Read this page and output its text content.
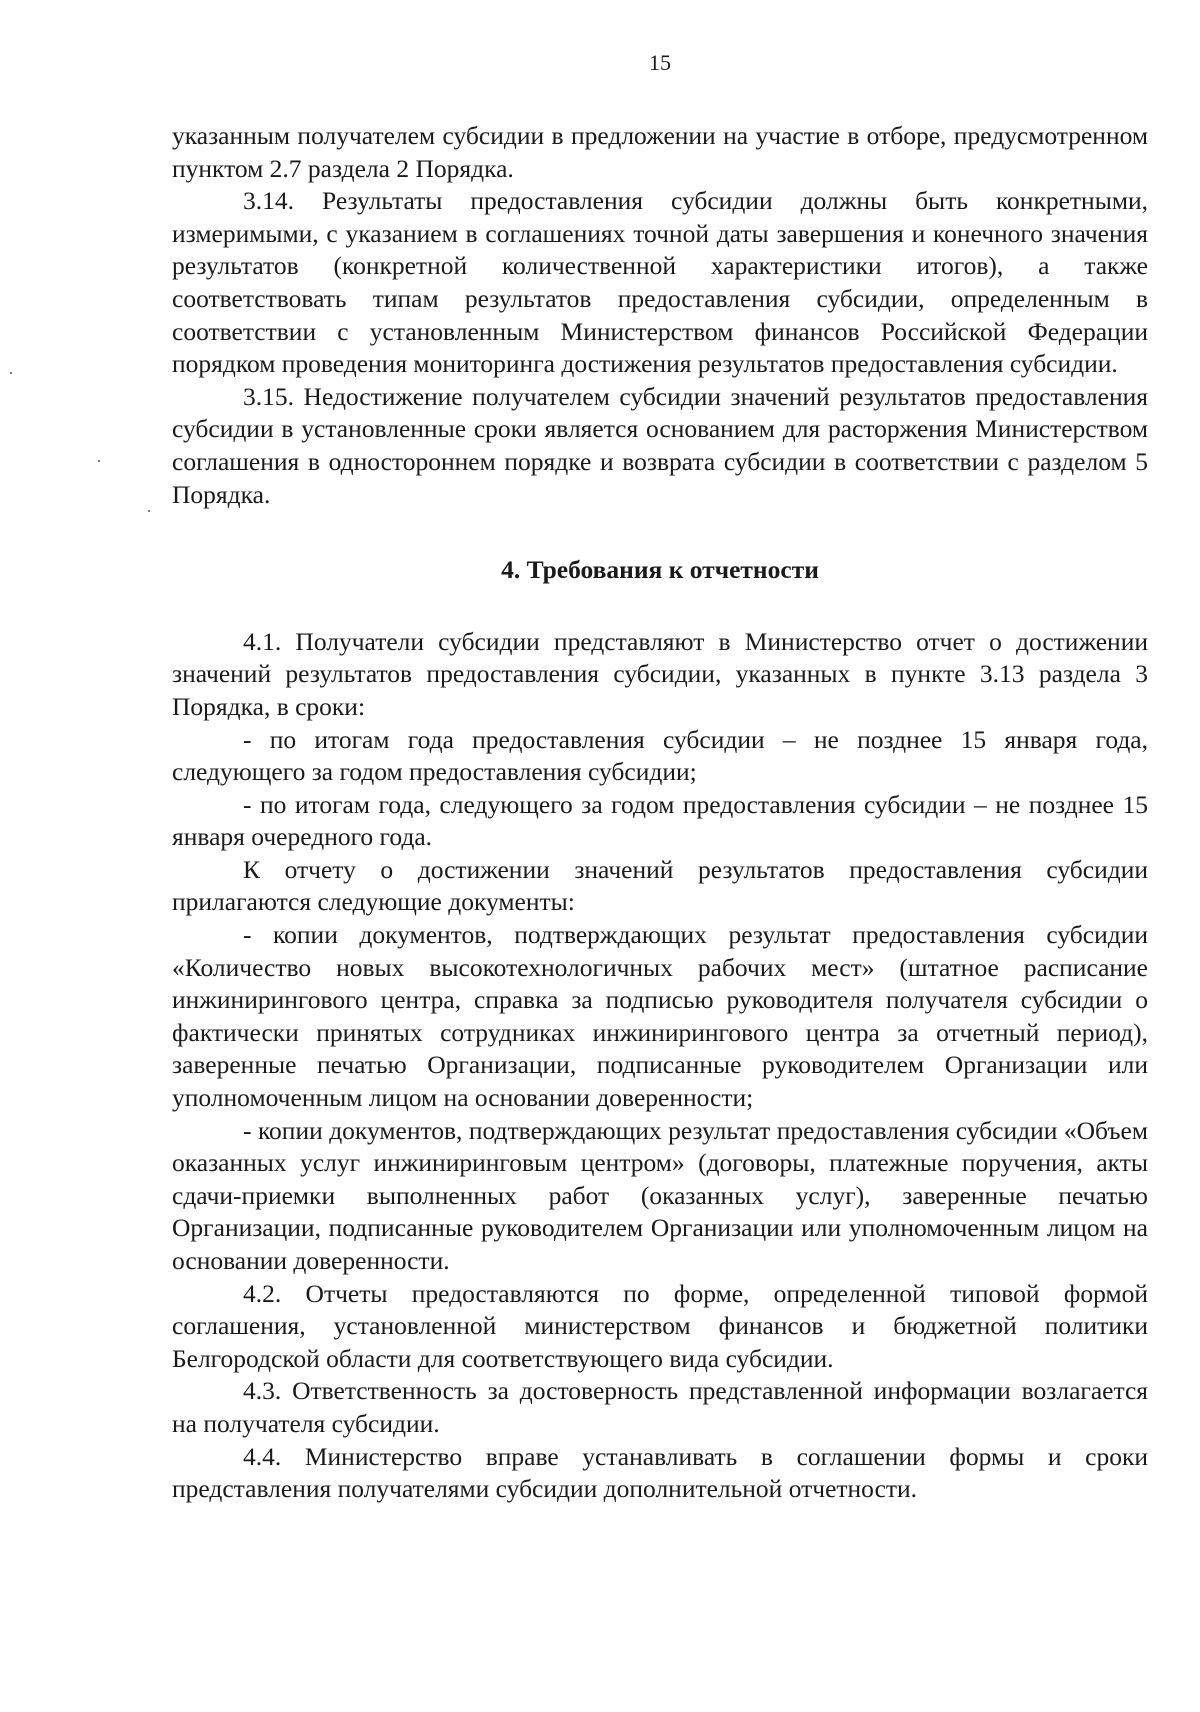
15

указанным получателем субсидии в предложении на участие в отборе, предусмотренном пунктом 2.7 раздела 2 Порядка.

3.14. Результаты предоставления субсидии должны быть конкретными, измеримыми, с указанием в соглашениях точной даты завершения и конечного значения результатов (конкретной количественной характеристики итогов), а также соответствовать типам результатов предоставления субсидии, определенным в соответствии с установленным Министерством финансов Российской Федерации порядком проведения мониторинга достижения результатов предоставления субсидии.

3.15. Недостижение получателем субсидии значений результатов предоставления субсидии в установленные сроки является основанием для расторжения Министерством соглашения в одностороннем порядке и возврата субсидии в соответствии с разделом 5 Порядка.

4. Требования к отчетности

4.1. Получатели субсидии представляют в Министерство отчет о достижении значений результатов предоставления субсидии, указанных в пункте 3.13 раздела 3 Порядка, в сроки:

- по итогам года предоставления субсидии – не позднее 15 января года, следующего за годом предоставления субсидии;

- по итогам года, следующего за годом предоставления субсидии – не позднее 15 января очередного года.

К отчету о достижении значений результатов предоставления субсидии прилагаются следующие документы:

- копии документов, подтверждающих результат предоставления субсидии «Количество новых высокотехнологичных рабочих мест» (штатное расписание инжинирингового центра, справка за подписью руководителя получателя субсидии о фактически принятых сотрудниках инжинирингового центра за отчетный период), заверенные печатью Организации, подписанные руководителем Организации или уполномоченным лицом на основании доверенности;

- копии документов, подтверждающих результат предоставления субсидии «Объем оказанных услуг инжиниринговым центром» (договоры, платежные поручения, акты сдачи-приемки выполненных работ (оказанных услуг), заверенные печатью Организации, подписанные руководителем Организации или уполномоченным лицом на основании доверенности.

4.2. Отчеты предоставляются по форме, определенной типовой формой соглашения, установленной министерством финансов и бюджетной политики Белгородской области для соответствующего вида субсидии.

4.3. Ответственность за достоверность представленной информации возлагается на получателя субсидии.

4.4. Министерство вправе устанавливать в соглашении формы и сроки представления получателями субсидии дополнительной отчетности.
